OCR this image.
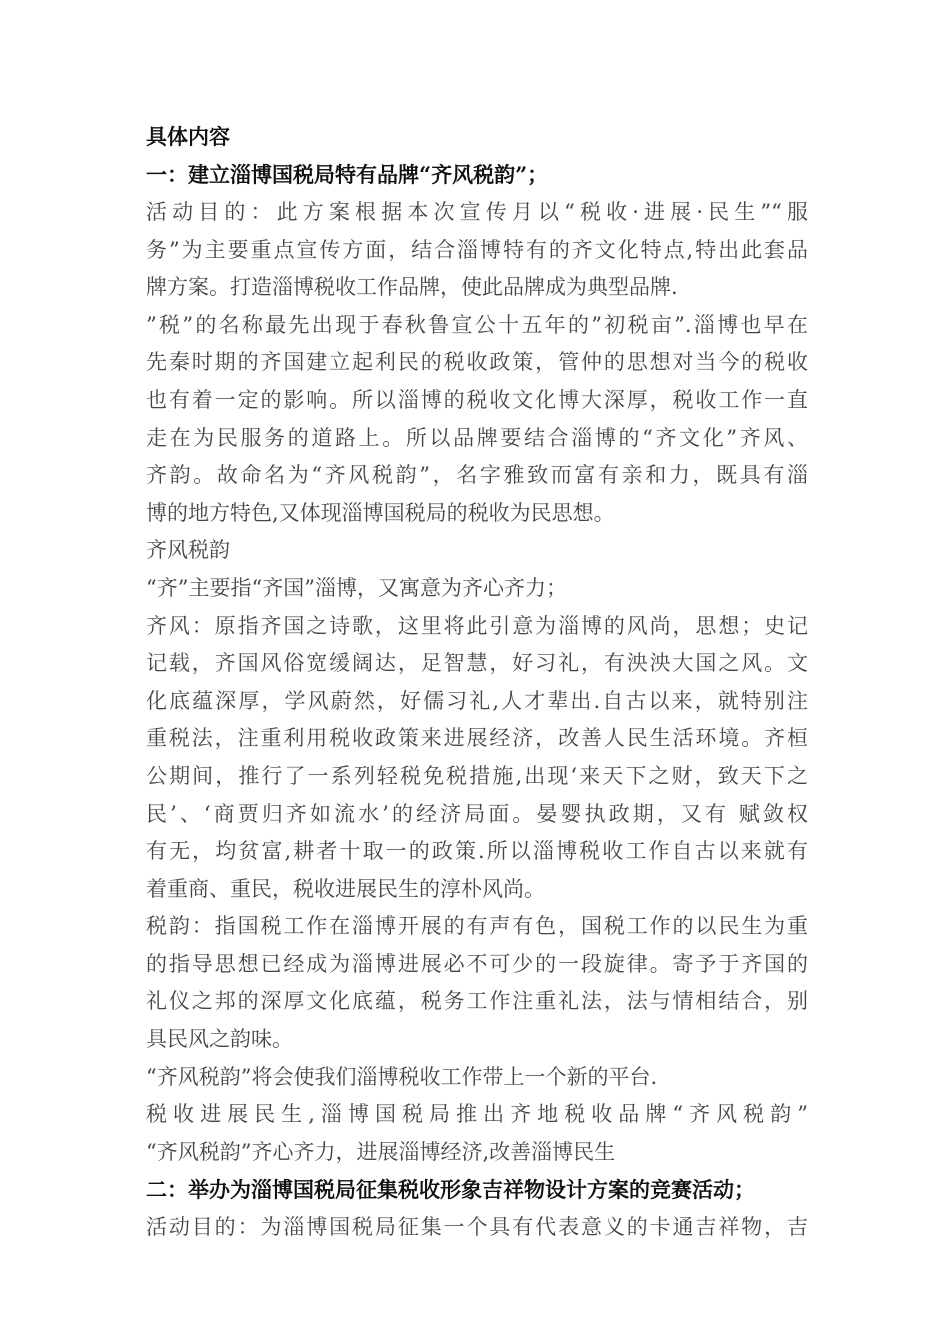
具体内容
一：建立淄博国税局特有品牌“齐风税韵”；
活动目的：此方案根据本次宣传月以“税收·进展·民生”“服
务”为主要重点宣传方面，结合淄博特有的齐文化特点,特出此套品
牌方案。打造淄博税收工作品牌，使此品牌成为典型品牌.
”税”的名称最先出现于春秋鲁宣公十五年的”初税亩”.淄博也早在
先秦时期的齐国建立起利民的税收政策，管仲的思想对当今的税收
也有着一定的影响。所以淄博的税收文化博大深厚，税收工作一直
走在为民服务的道路上。所以品牌要结合淄博的“齐文化”齐风、
齐韵。故命名为“齐风税韵”，名字雅致而富有亲和力，既具有淄
博的地方特色,又体现淄博国税局的税收为民思想。
齐风税韵
“齐”主要指“齐国”淄博，又寓意为齐心齐力；
齐风：原指齐国之诗歌，这里将此引意为淄博的风尚，思想；史记
记载，齐国风俗宽缓阔达，足智慧，好习礼，有泱泱大国之风。文
化底蕴深厚，学风蔚然，好儒习礼,人才辈出.自古以来，就特别注
重税法，注重利用税收政策来进展经济，改善人民生活环境。齐桓
公期间，推行了一系列轻税免税措施,出现‘来天下之财，致天下之
民’、‘商贾归齐如流水’的经济局面。晏婴执政期，又有 赋敛权
有无，均贫富,耕者十取一的政策.所以淄博税收工作自古以来就有
着重商、重民，税收进展民生的淳朴风尚。
税韵：指国税工作在淄博开展的有声有色，国税工作的以民生为重
的指导思想已经成为淄博进展必不可少的一段旋律。寄予于齐国的
礼仪之邦的深厚文化底蕴，税务工作注重礼法，法与情相结合，别
具民风之韵味。
“齐风税韵”将会使我们淄博税收工作带上一个新的平台.
税收进展民生,淄博国税局推出齐地税收品牌“齐风税韵”
“齐风税韵”齐心齐力，进展淄博经济,改善淄博民生
二：举办为淄博国税局征集税收形象吉祥物设计方案的竞赛活动；
活动目的：为淄博国税局征集一个具有代表意义的卡通吉祥物，吉
